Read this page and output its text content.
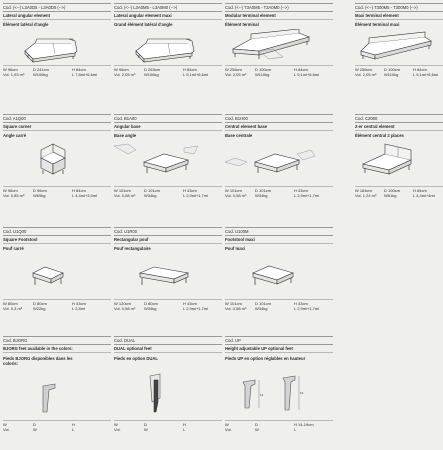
Cod. (<--) L3A0D5 - L3A0D0 (-->)
Lateral angular element
Élément latéral d'angle
W 96cm	D 241cm	H 84cm
Vol. 1,93 m³ W106kg	L 7,8ml+6,6ml
Cod. A1Q00
Square corner
Angle carré
W 96cm	D 96cm	H 84cm
Vol. 0,85 m³ W69kg	L 4,4ml+3,0ml
Cod. U1Q00
Square Footstool
Pouf carré
W 80cm	D 80cm	H 43cm
Vol. 0,3 m³	W22kg	L 2,8ml
Cod. BJORG
BJORG feet available in the colors:
Pieds BJORG disponibles dans les
coloris:
W	D	H
Vol.	W	L
Cod. (<--) L3A0M5 - L3A0M0 (-->)
Lateral angular element maxi
Grand élément latéral d'angle
W 96cm	D 263cm	H 84cm
Vol. 2,05 m³ W106kg	L 9,1ml+6,6ml
Cod. B1A00
Angular base
Base angle
W 101cm	D 101cm	H 43cm
Vol. 0,58 m³ W34kg	L 2,9ml+1,7ml
Cod. U1R00
Rectangular pouf
Pouf rectangulaire
W 120cm	D 80cm	H 43cm
Vol. 0,58 m³ W34kg	L 2,9ml+1,7ml
Cod. DUAL
DUAL optional feet
Pieds en option DUAL
W	D	H
Vol.	W	L
Cod. (<--) T3A0M5 - T3A0M0 (-->)
Modular terminal element
Élément terminal
W 256cm	D 100cm	H 84cm
Vol. 2,05 m³ W110kg	L 9,1ml+6,6ml
Cod. B1H00
Central element base
Base centrale
W 101cm	D 101cm	H 43cm
Vol. 0,58 m³ W34kg	L 2,9ml+1,7ml
Cod. U100M
Footstool maxi
Pouf maxi
W 101cm	D 101cm	H 43cm
Vol. 0,58 m³ W34kg	L 2,9ml+1,7ml
Cod. UP
Height adjustable UP optional feet
Pieds UP en option réglables en hauteur
14	19
W	D	H 14-19cm
Vol.	W	L
Cod. (<--) T300M5 - T300M0 (-->)
Maxi terminal element
Élément terminal maxi
W 256cm	D 100cm	H 84cm
Vol. 2,05 m³ W110kg	L 9,1ml+6,6ml
Cod. C2000
2-er central element
Élément central 2 places
W 164cm	D 100cm	H 84cm
Vol. 1,24 m³ W61kg	L 4,4ml+4ml
